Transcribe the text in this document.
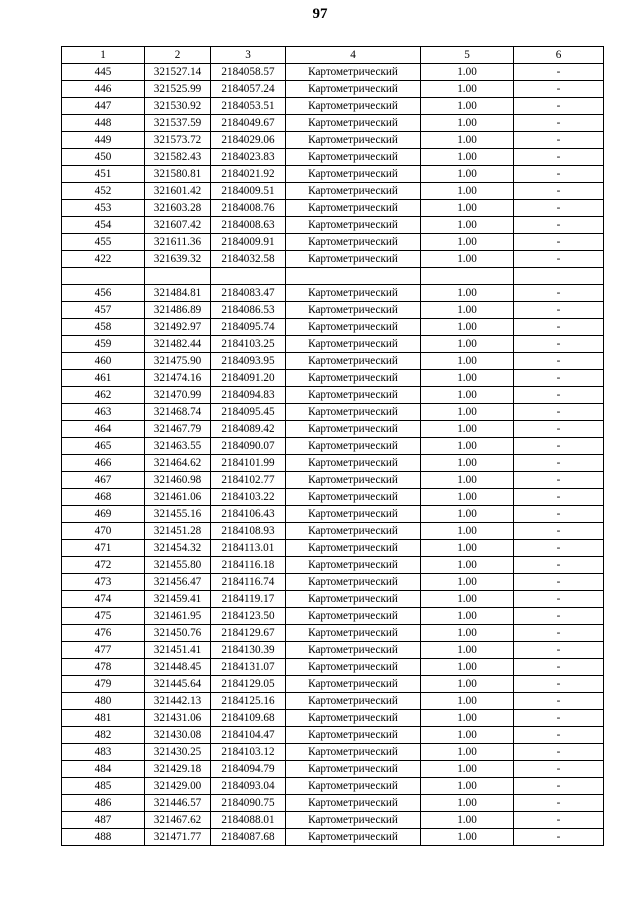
97
1	2	3	4	5	6
445	321527.14	2184058.57	Картометрический	1.00	-
446	321525.99	2184057.24	Картометрический	1.00	-
447	321530.92	2184053.51	Картометрический	1.00	-
448	321537.59	2184049.67	Картометрический	1.00	-
449	321573.72	2184029.06	Картометрический	1.00	-
450	321582.43	2184023.83	Картометрический	1.00	-
451	321580.81	2184021.92	Картометрический	1.00	-
452	321601.42	2184009.51	Картометрический	1.00	-
453	321603.28	2184008.76	Картометрический	1.00	-
454	321607.42	2184008.63	Картометрический	1.00	-
455	321611.36	2184009.91	Картометрический	1.00	-
422	321639.32	2184032.58	Картометрический	1.00	-

456	321484.81	2184083.47	Картометрический	1.00	-
457	321486.89	2184086.53	Картометрический	1.00	-
458	321492.97	2184095.74	Картометрический	1.00	-
459	321482.44	2184103.25	Картометрический	1.00	-
460	321475.90	2184093.95	Картометрический	1.00	-
461	321474.16	2184091.20	Картометрический	1.00	-
462	321470.99	2184094.83	Картометрический	1.00	-
463	321468.74	2184095.45	Картометрический	1.00	-
464	321467.79	2184089.42	Картометрический	1.00	-
465	321463.55	2184090.07	Картометрический	1.00	-
466	321464.62	2184101.99	Картометрический	1.00	-
467	321460.98	2184102.77	Картометрический	1.00	-
468	321461.06	2184103.22	Картометрический	1.00	-
469	321455.16	2184106.43	Картометрический	1.00	-
470	321451.28	2184108.93	Картометрический	1.00	-
471	321454.32	2184113.01	Картометрический	1.00	-
472	321455.80	2184116.18	Картометрический	1.00	-
473	321456.47	2184116.74	Картометрический	1.00	-
474	321459.41	2184119.17	Картометрический	1.00	-
475	321461.95	2184123.50	Картометрический	1.00	-
476	321450.76	2184129.67	Картометрический	1.00	-
477	321451.41	2184130.39	Картометрический	1.00	-
478	321448.45	2184131.07	Картометрический	1.00	-
479	321445.64	2184129.05	Картометрический	1.00	-
480	321442.13	2184125.16	Картометрический	1.00	-
481	321431.06	2184109.68	Картометрический	1.00	-
482	321430.08	2184104.47	Картометрический	1.00	-
483	321430.25	2184103.12	Картометрический	1.00	-
484	321429.18	2184094.79	Картометрический	1.00	-
485	321429.00	2184093.04	Картометрический	1.00	-
486	321446.57	2184090.75	Картометрический	1.00	-
487	321467.62	2184088.01	Картометрический	1.00	-
488	321471.77	2184087.68	Картометрический	1.00	-
